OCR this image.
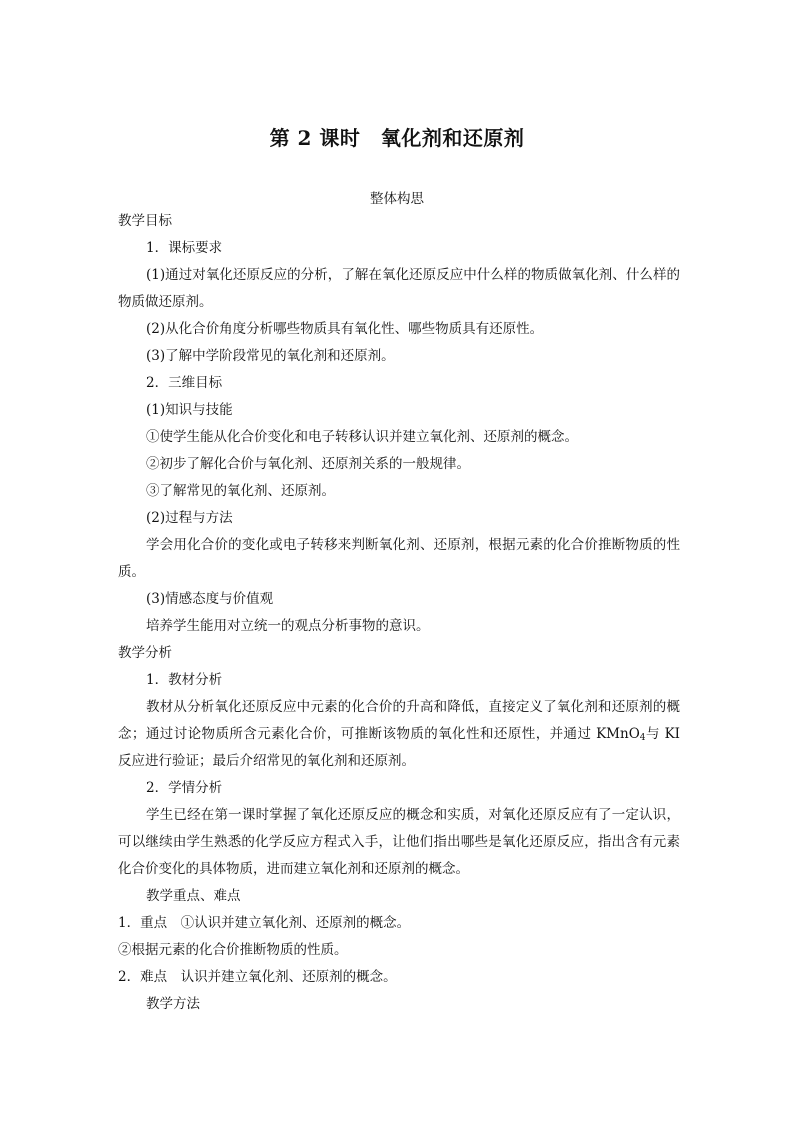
第 2 课时　氧化剂和还原剂
整体构思

教学目标

1．课标要求

(1)通过对氧化还原反应的分析，了解在氧化还原反应中什么样的物质做氧化剂、什么样的物质做还原剂。

(2)从化合价角度分析哪些物质具有氧化性、哪些物质具有还原性。

(3)了解中学阶段常见的氧化剂和还原剂。

2．三维目标

(1)知识与技能

①使学生能从化合价变化和电子转移认识并建立氧化剂、还原剂的概念。

②初步了解化合价与氧化剂、还原剂关系的一般规律。

③了解常见的氧化剂、还原剂。

(2)过程与方法

学会用化合价的变化或电子转移来判断氧化剂、还原剂，根据元素的化合价推断物质的性质。

(3)情感态度与价值观

培养学生能用对立统一的观点分析事物的意识。

教学分析

1．教材分析

教材从分析氧化还原反应中元素的化合价的升高和降低，直接定义了氧化剂和还原剂的概念；通过讨论物质所含元素化合价，可推断该物质的氧化性和还原性，并通过 KMnO$_4$与 KI 反应进行验证；最后介绍常见的氧化剂和还原剂。

2．学情分析

学生已经在第一课时掌握了氧化还原反应的概念和实质，对氧化还原反应有了一定认识，可以继续由学生熟悉的化学反应方程式入手，让他们指出哪些是氧化还原反应，指出含有元素化合价变化的具体物质，进而建立氧化剂和还原剂的概念。

教学重点、难点

1．重点　①认识并建立氧化剂、还原剂的概念。

②根据元素的化合价推断物质的性质。

2．难点　认识并建立氧化剂、还原剂的概念。

教学方法
